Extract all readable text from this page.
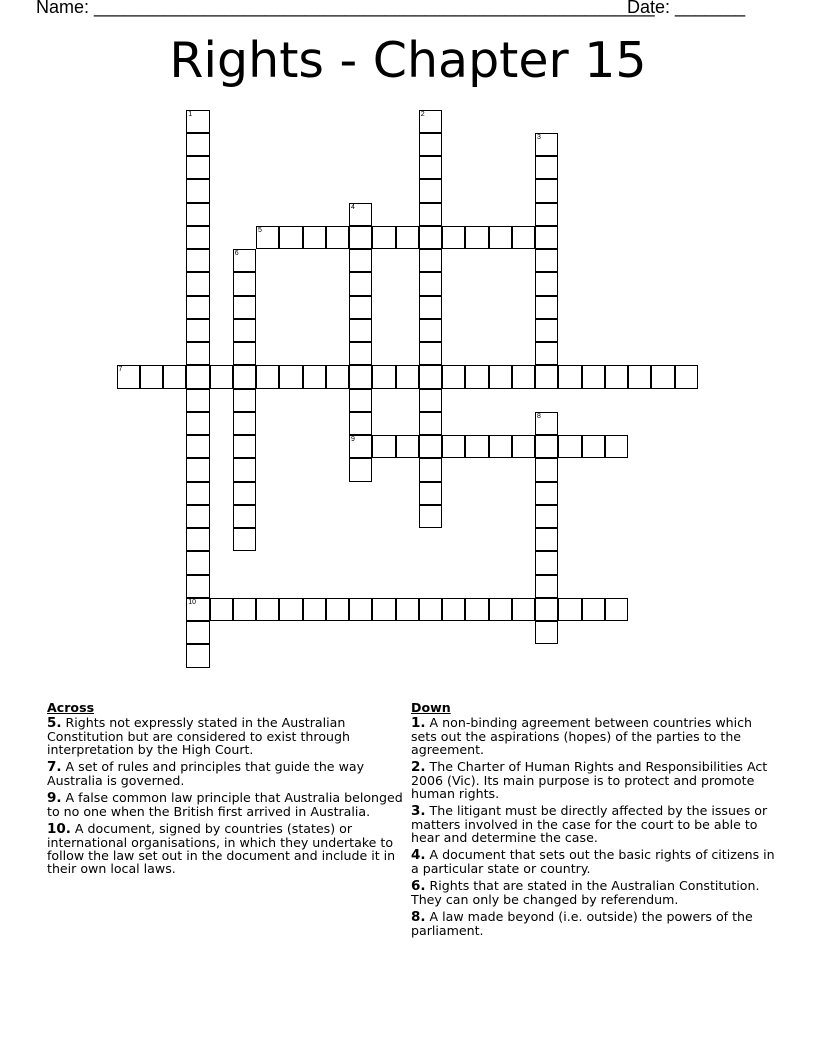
Name: ________________________________________________________
Date: _______
Rights - Chapter 15
1
10
2
3
4
9
5
6
7
8
Across
5. Rights not expressly stated in the Australian Constitution but are considered to exist through interpretation by the High Court.
7. A set of rules and principles that guide the way Australia is governed.
9. A false common law principle that Australia belonged to no one when the British first arrived in Australia.
10. A document, signed by countries (states) or international organisations, in which they undertake to follow the law set out in the document and include it in their own local laws.
Down
1. A non-binding agreement between countries which sets out the aspirations (hopes) of the parties to the agreement.
2. The Charter of Human Rights and Responsibilities Act 2006 (Vic). Its main purpose is to protect and promote human rights.
3. The litigant must be directly affected by the issues or matters involved in the case for the court to be able to hear and determine the case.
4. A document that sets out the basic rights of citizens in a particular state or country.
6. Rights that are stated in the Australian Constitution. They can only be changed by referendum.
8. A law made beyond (i.e. outside) the powers of the parliament.
